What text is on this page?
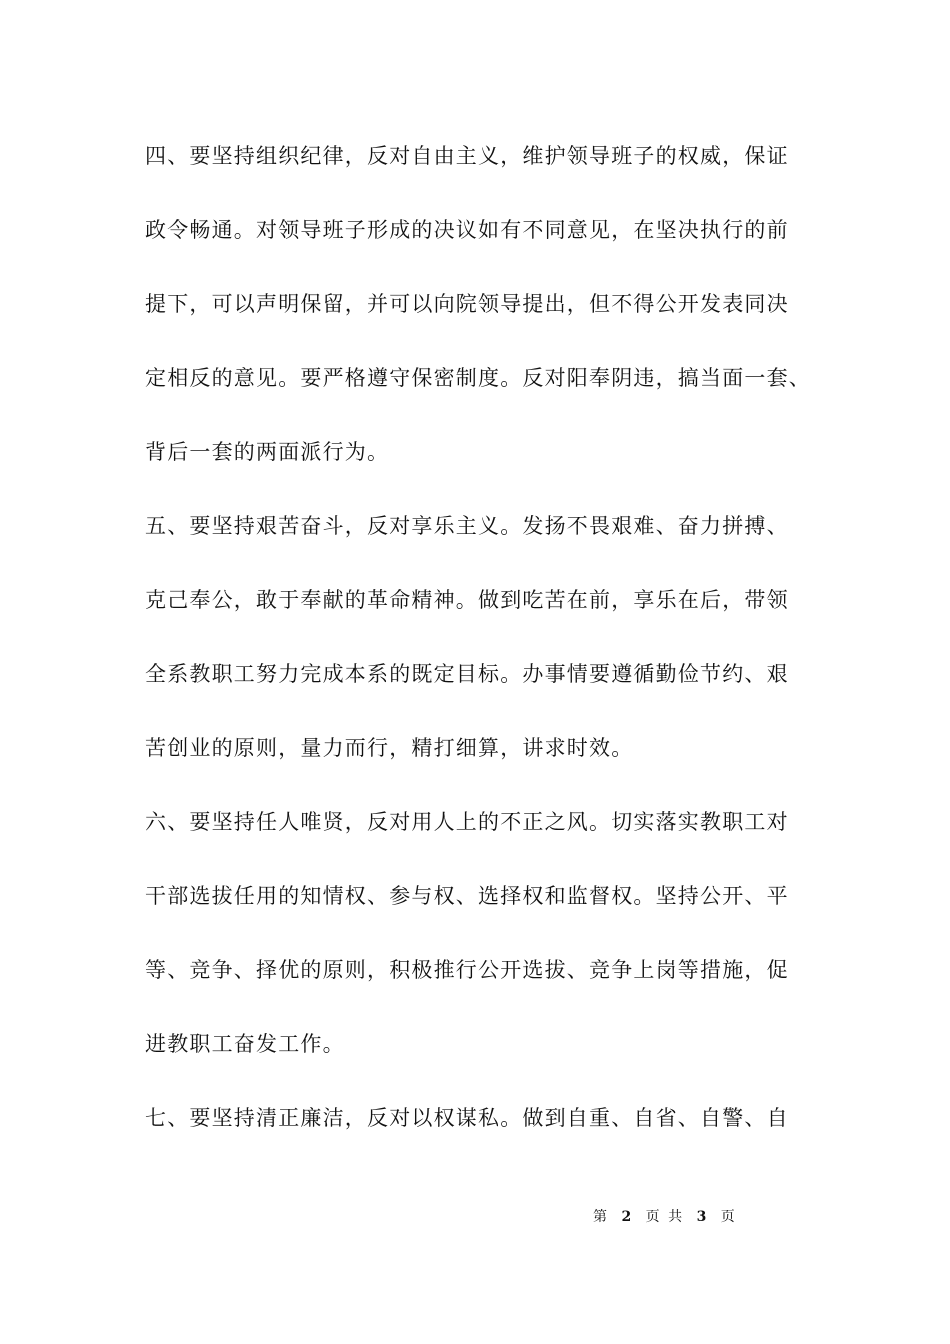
四、要坚持组织纪律，反对自由主义，维护领导班子的权威，保证

政令畅通。对领导班子形成的决议如有不同意见，在坚决执行的前

提下，可以声明保留，并可以向院领导提出，但不得公开发表同决

定相反的意见。要严格遵守保密制度。反对阳奉阴违，搞当面一套、

背后一套的两面派行为。

五、要坚持艰苦奋斗，反对享乐主义。发扬不畏艰难、奋力拼搏、

克己奉公，敢于奉献的革命精神。做到吃苦在前，享乐在后，带领

全系教职工努力完成本系的既定目标。办事情要遵循勤俭节约、艰

苦创业的原则，量力而行，精打细算，讲求时效。

六、要坚持任人唯贤，反对用人上的不正之风。切实落实教职工对

干部选拔任用的知情权、参与权、选择权和监督权。坚持公开、平

等、竞争、择优的原则，积极推行公开选拔、竞争上岗等措施，促

进教职工奋发工作。

七、要坚持清正廉洁，反对以权谋私。做到自重、自省、自警、自

第 2 页 共 3 页
